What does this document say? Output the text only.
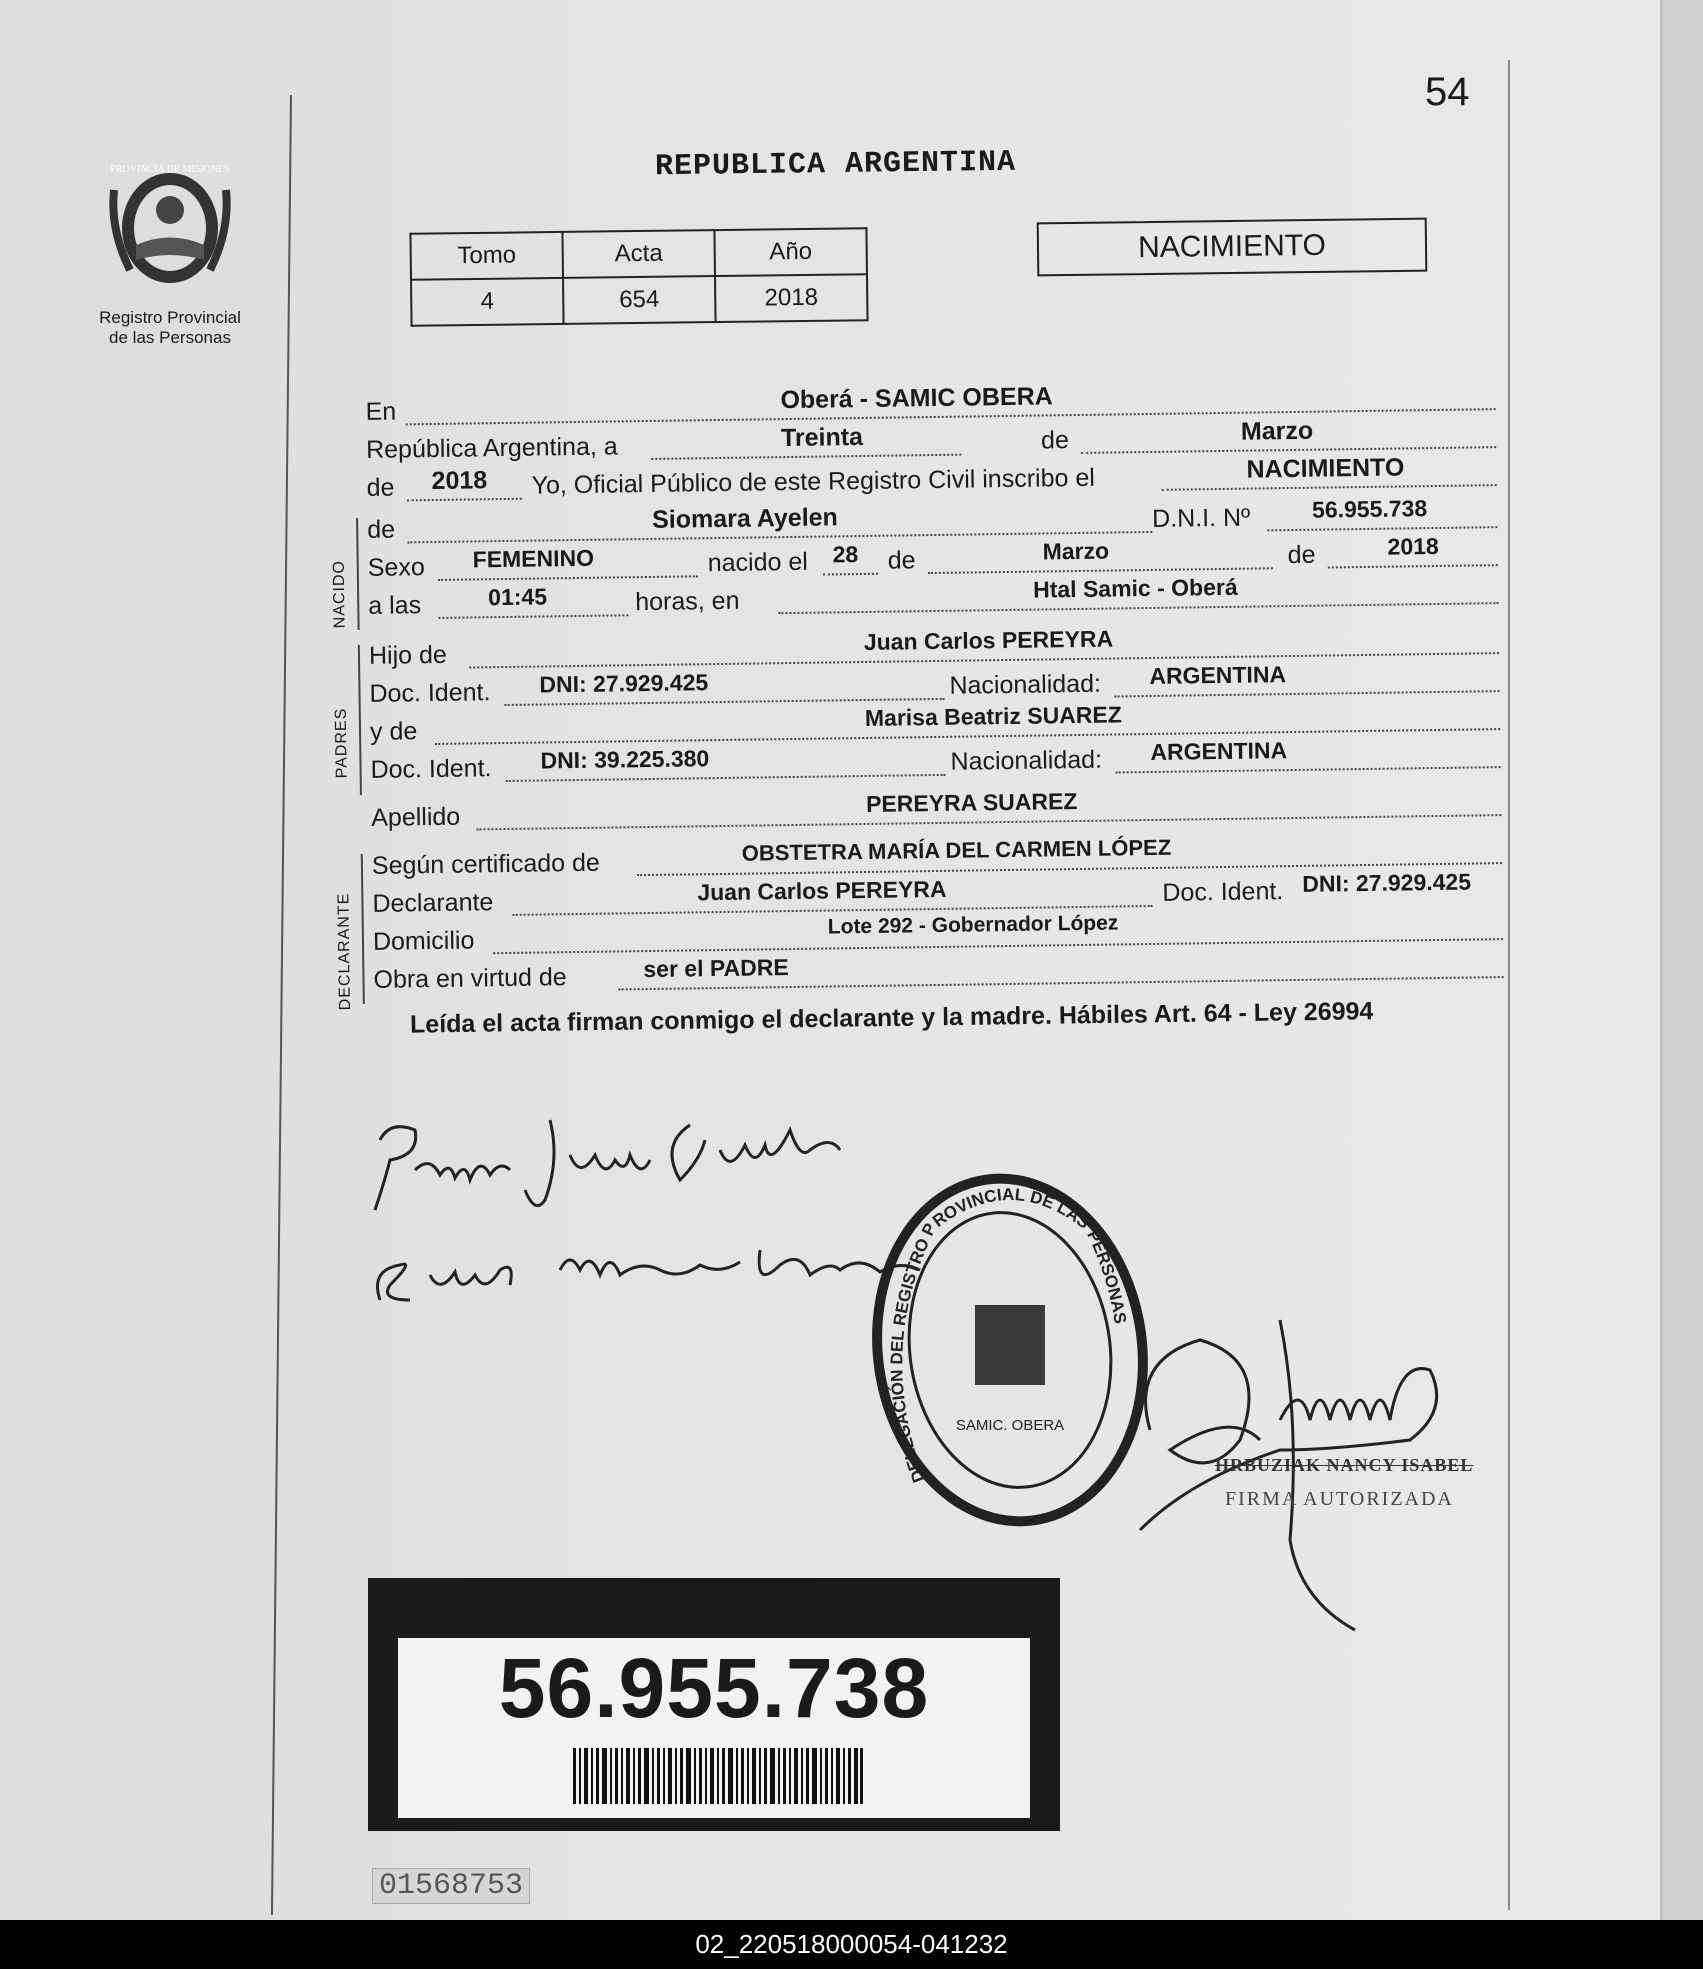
PROVINCIA DE MISIONES
Registro Provincial
de las Personas
54
REPUBLICA ARGENTINA
Tomo	Acta	Año
4	654	2018
NACIMIENTO
En	Oberá - SAMIC OBERA
República Argentina, a	Treinta	de	Marzo
de 2018 Yo, Oficial Público de este Registro Civil inscribo el	NACIMIENTO
NACIDO
de	Siomara Ayelen	D.N.I. Nº	56.955.738
Sexo FEMENINO	nacido el 28 de	Marzo	de	2018
a las	01:45	horas, en	Htal Samic - Oberá
PADRES
Hijo de
Juan Carlos PEREYRA
Doc. Ident. DNI: 27.929.425	Nacionalidad: ARGENTINA
y de
Marisa Beatriz SUAREZ
Doc. Ident. DNI: 39.225.380	Nacionalidad: ARGENTINA
Apellido
PEREYRA SUAREZ
DECLARANTE
Según certificado de	OBSTETRA MARÍA DEL CARMEN LÓPEZ
Declarante	Juan Carlos PEREYRA	Doc. Ident. DNI: 27.929.425
Domicilio
Lote 292 - Gobernador López
Obra en virtud de	ser el PADRE
Leída el acta firman conmigo el declarante y la madre. Hábiles Art. 64 - Ley 26994
DELEGACIÓN DEL REGISTRO PROVINCIAL DE LAS PERSONAS
SAMIC. OBERA
HRBUZIAK NANCY ISABEL
FIRMA AUTORIZADA
56.955.738
01568753
02_220518000054-041232
